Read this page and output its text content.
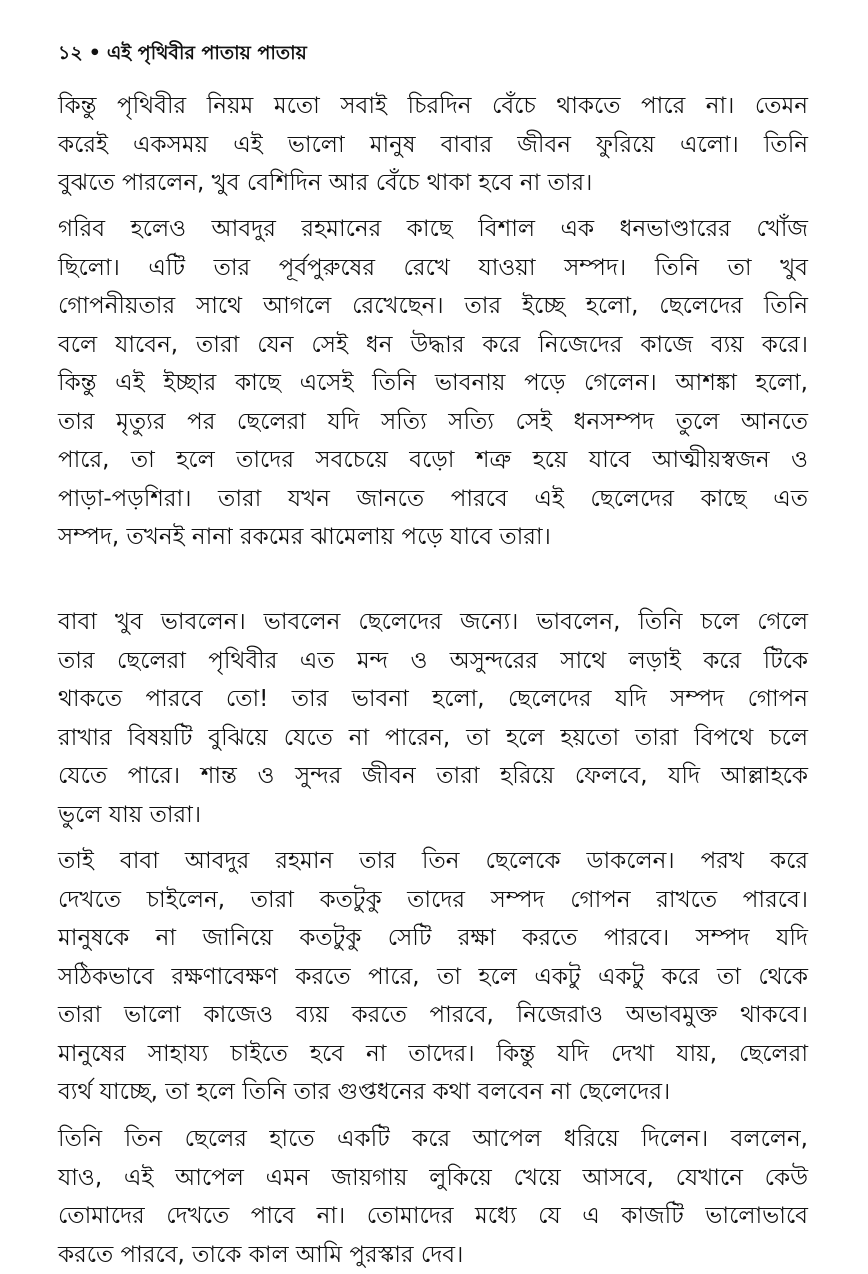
১২ • এই পৃথিবীর পাতায় পাতায়
কিন্তু পৃথিবীর নিয়ম মতো সবাই চিরদিন বেঁচে থাকতে পারে না। তেমন
করেই একসময় এই ভালো মানুষ বাবার জীবন ফুরিয়ে এলো। তিনি
বুঝতে পারলেন, খুব বেশিদিন আর বেঁচে থাকা হবে না তার।
গরিব হলেও আবদুর রহমানের কাছে বিশাল এক ধনভাণ্ডারের খোঁজ
ছিলো। এটি তার পূর্বপুরুষের রেখে যাওয়া সম্পদ। তিনি তা খুব
গোপনীয়তার সাথে আগলে রেখেছেন। তার ইচ্ছে হলো, ছেলেদের তিনি
বলে যাবেন, তারা যেন সেই ধন উদ্ধার করে নিজেদের কাজে ব্যয় করে।
কিন্তু এই ইচ্ছার কাছে এসেই তিনি ভাবনায় পড়ে গেলেন। আশঙ্কা হলো,
তার মৃত্যুর পর ছেলেরা যদি সত্যি সত্যি সেই ধনসম্পদ তুলে আনতে
পারে, তা হলে তাদের সবচেয়ে বড়ো শত্রু হয়ে যাবে আত্মীয়স্বজন ও
পাড়া-পড়শিরা। তারা যখন জানতে পারবে এই ছেলেদের কাছে এত
সম্পদ, তখনই নানা রকমের ঝামেলায় পড়ে যাবে তারা।
বাবা খুব ভাবলেন। ভাবলেন ছেলেদের জন্যে। ভাবলেন, তিনি চলে গেলে
তার ছেলেরা পৃথিবীর এত মন্দ ও অসুন্দরের সাথে লড়াই করে টিকে
থাকতে পারবে তো! তার ভাবনা হলো, ছেলেদের যদি সম্পদ গোপন
রাখার বিষয়টি বুঝিয়ে যেতে না পারেন, তা হলে হয়তো তারা বিপথে চলে
যেতে পারে। শান্ত ও সুন্দর জীবন তারা হরিয়ে ফেলবে, যদি আল্লাহকে
ভুলে যায় তারা।
তাই বাবা আবদুর রহমান তার তিন ছেলেকে ডাকলেন। পরখ করে
দেখতে চাইলেন, তারা কতটুকু তাদের সম্পদ গোপন রাখতে পারবে।
মানুষকে না জানিয়ে কতটুকু সেটি রক্ষা করতে পারবে। সম্পদ যদি
সঠিকভাবে রক্ষণাবেক্ষণ করতে পারে, তা হলে একটু একটু করে তা থেকে
তারা ভালো কাজেও ব্যয় করতে পারবে, নিজেরাও অভাবমুক্ত থাকবে।
মানুষের সাহায্য চাইতে হবে না তাদের। কিন্তু যদি দেখা যায়, ছেলেরা
ব্যর্থ যাচ্ছে, তা হলে তিনি তার গুপ্তধনের কথা বলবেন না ছেলেদের।
তিনি তিন ছেলের হাতে একটি করে আপেল ধরিয়ে দিলেন। বললেন,
যাও, এই আপেল এমন জায়গায় লুকিয়ে খেয়ে আসবে, যেখানে কেউ
তোমাদের দেখতে পাবে না। তোমাদের মধ্যে যে এ কাজটি ভালোভাবে
করতে পারবে, তাকে কাল আমি পুরস্কার দেব।
